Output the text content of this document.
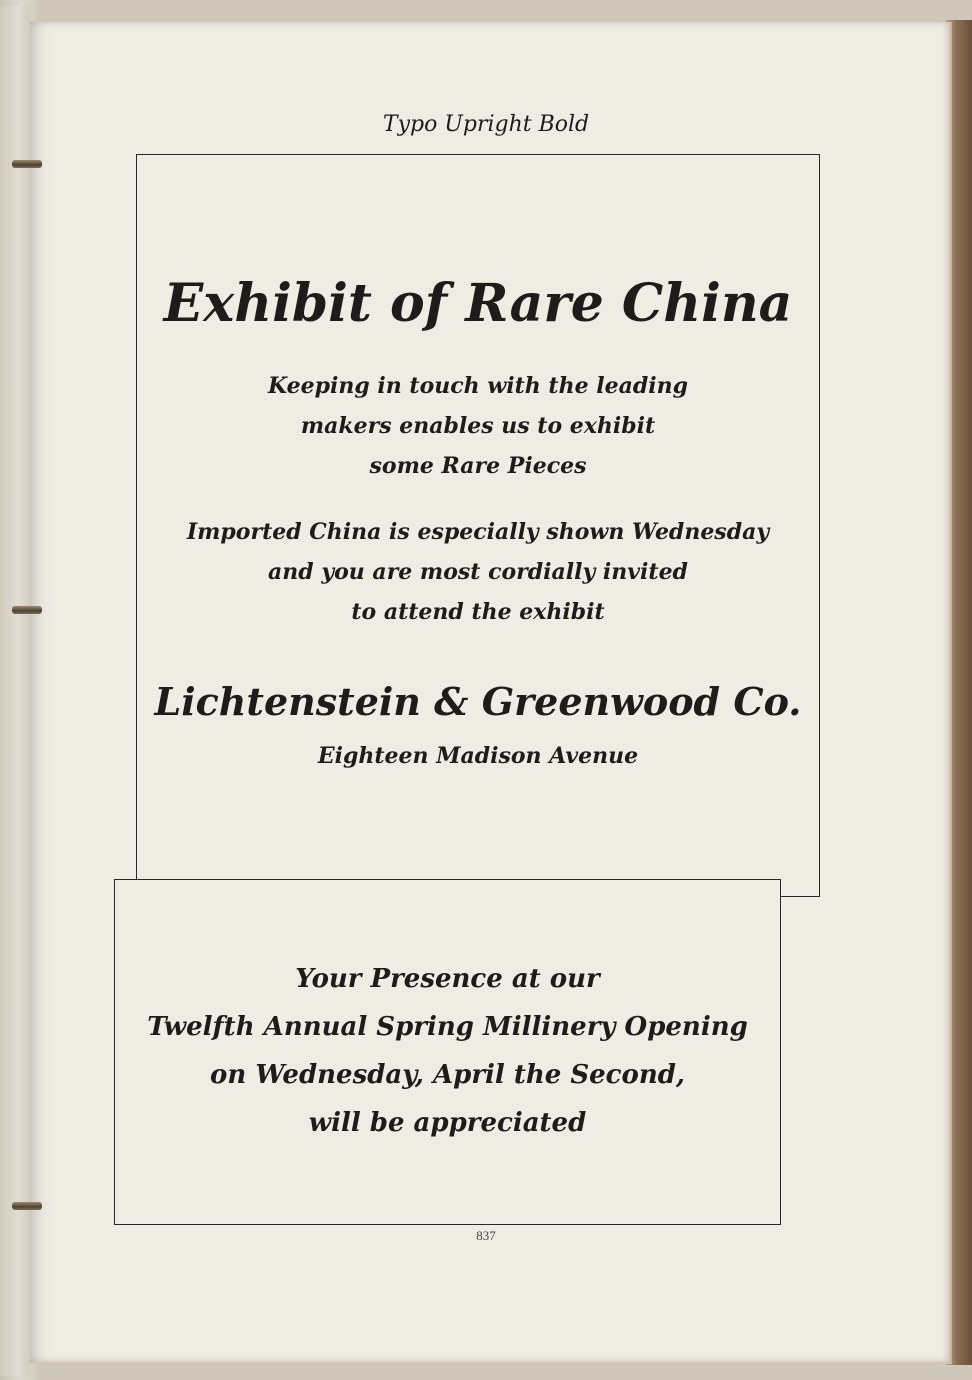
Typo Upright Bold
Exhibit of Rare China
Keeping in touch with the leading
makers enables us to exhibit
some Rare Pieces
Imported China is especially shown Wednesday
and you are most cordially invited
to attend the exhibit
Lichtenstein & Greenwood Co.
Eighteen Madison Avenue
Your Presence at our
Twelfth Annual Spring Millinery Opening
on Wednesday, April the Second,
will be appreciated
837
